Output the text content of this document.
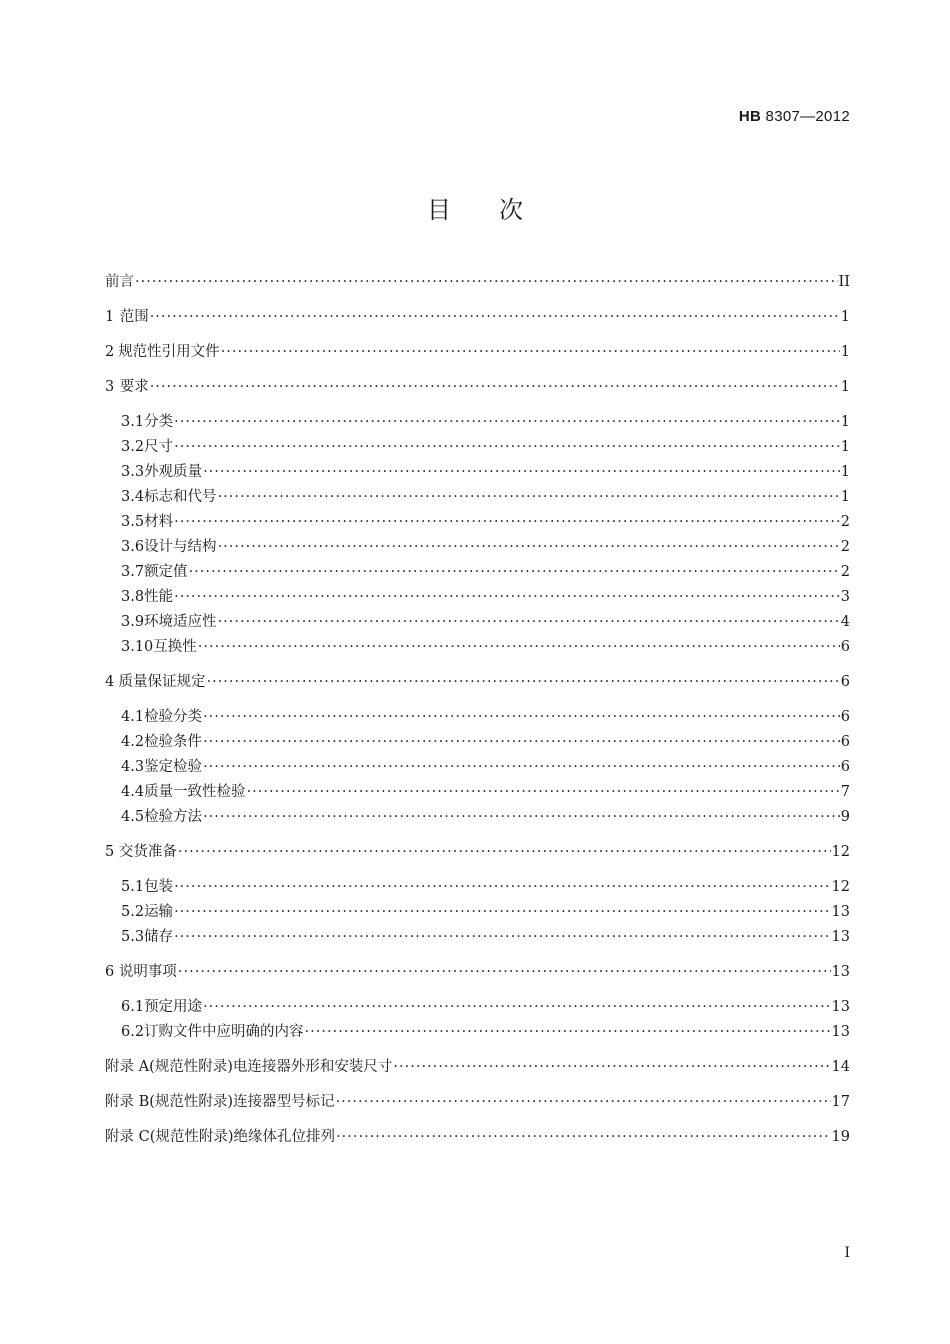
HB 8307—2012
目次
前言 ·····	II
1 范围 ·····	1
2 规范性引用文件 ·····	1
3 要求 ·····	1
3.1 分类 ·····	1
3.2 尺寸 ·····	1
3.3 外观质量 ·····	1
3.4 标志和代号 ·····	1
3.5 材料 ·····	2
3.6 设计与结构 ·····	2
3.7 额定值 ·····	2
3.8 性能 ·····	3
3.9 环境适应性 ·····	4
3.10 互换性 ·····	6
4 质量保证规定 ·····	6
4.1 检验分类 ·····	6
4.2 检验条件 ·····	6
4.3 鉴定检验 ·····	6
4.4 质量一致性检验 ·····	7
4.5 检验方法 ·····	9
5 交货准备 ·····	12
5.1 包装 ·····	12
5.2 运输 ·····	13
5.3 储存 ·····	13
6 说明事项 ·····	13
6.1 预定用途 ·····	13
6.2 订购文件中应明确的内容 ·····	13
附录 A(规范性附录) 电连接器外形和安装尺寸 ·····	14
附录 B(规范性附录) 连接器型号标记 ·····	17
附录 C(规范性附录) 绝缘体孔位排列 ·····	19
I
